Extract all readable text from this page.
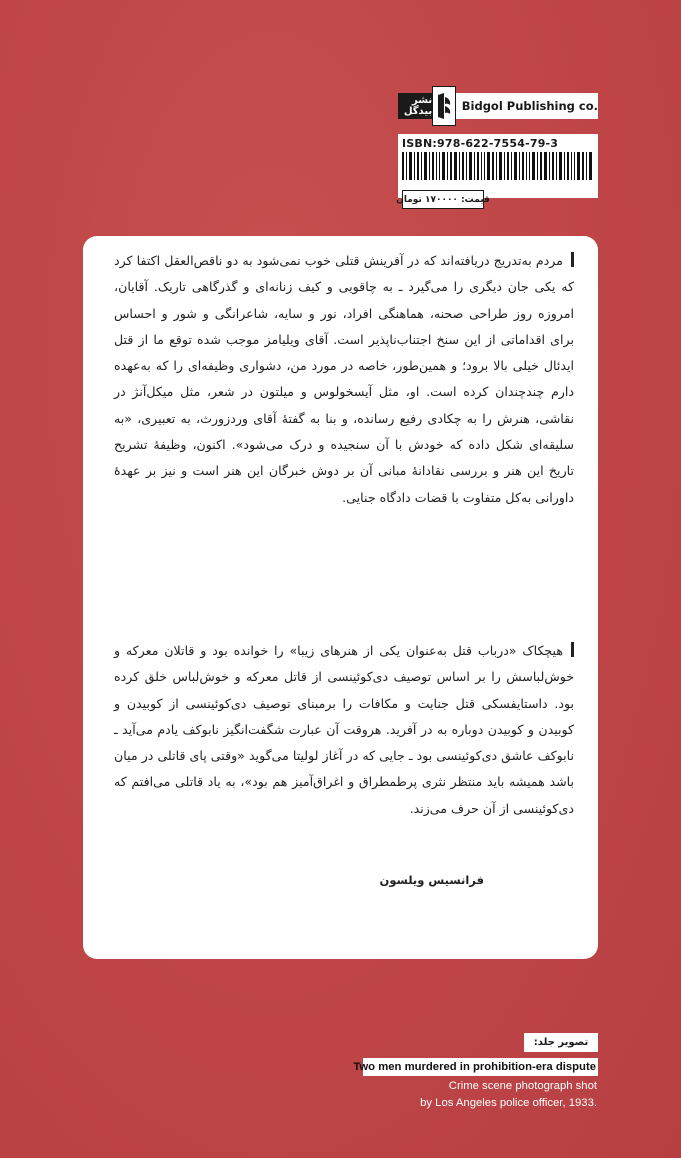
نشر بیدگل	Bidgol Publishing co.
ISBN:978-622-7554-79-3
قیمت: ۱۷۰۰۰۰ تومان

مردم به‌تدریج دریافته‌اند که در آفرینش قتلی خوب نمی‌شود به دو ناقص‌العقل اکتفا کرد که یکی جان دیگری را می‌گیرد ـ به چاقویی و کیف زنانه‌ای و گذرگاهی تاریک. آقایان، امروزه روز طراحی صحنه، هماهنگی افراد، نور و سایه، شاعرانگی و شور و احساس برای اقداماتی از این سنخ اجتناب‌ناپذیر است. آقای ویلیامز موجب شده توقع ما از قتل ایدئال خیلی بالا برود؛ و همین‌طور، خاصه در مورد من، دشواری وظیفه‌ای را که به‌عهده دارم چندچندان کرده است. او، مثل آیسخولوس و میلتون در شعر، مثل میکل‌آنژ در نقاشی، هنرش را به چکادی رفیع رسانده، و بنا به گفتهٔ آقای وردزورث، به تعبیری، «به سلیقه‌ای شکل داده که خودش با آن سنجیده و درک می‌شود». اکنون، وظیفهٔ تشریح تاریخ این هنر و بررسی نقادانهٔ مبانی آن بر دوش خبرگان این هنر است و نیز بر عهدهٔ داورانی به‌کل متفاوت با قضات دادگاه جنایی.

هیچکاک «درباب قتل به‌عنوان یکی از هنرهای زیبا» را خوانده بود و قاتلان معرکه و خوش‌لباسش را بر اساس توصیف دی‌کوئینسی از قاتل معرکه و خوش‌لباس خلق کرده بود. داستایفسکی قتل جنایت و مکافات را برمبنای توصیف دی‌کوئینسی از کوبیدن و کوبیدن و کوبیدن دوباره به در آفرید. هروقت آن عبارت شگفت‌انگیز نابوکف یادم می‌آید ـ نابوکف عاشق دی‌کوئینسی بود ـ جایی که در آغاز لولیتا می‌گوید «وقتی پای قاتلی در میان باشد همیشه باید منتظر نثری پرطمطراق و اغراق‌آمیز هم بود»، به یاد قاتلی می‌افتم که دی‌کوئینسی از آن حرف می‌زند.

فرانسیس ویلسون
تصویر جلد:
Two men murdered in prohibition-era dispute
Crime scene photograph shot
by Los Angeles police officer, 1933.
